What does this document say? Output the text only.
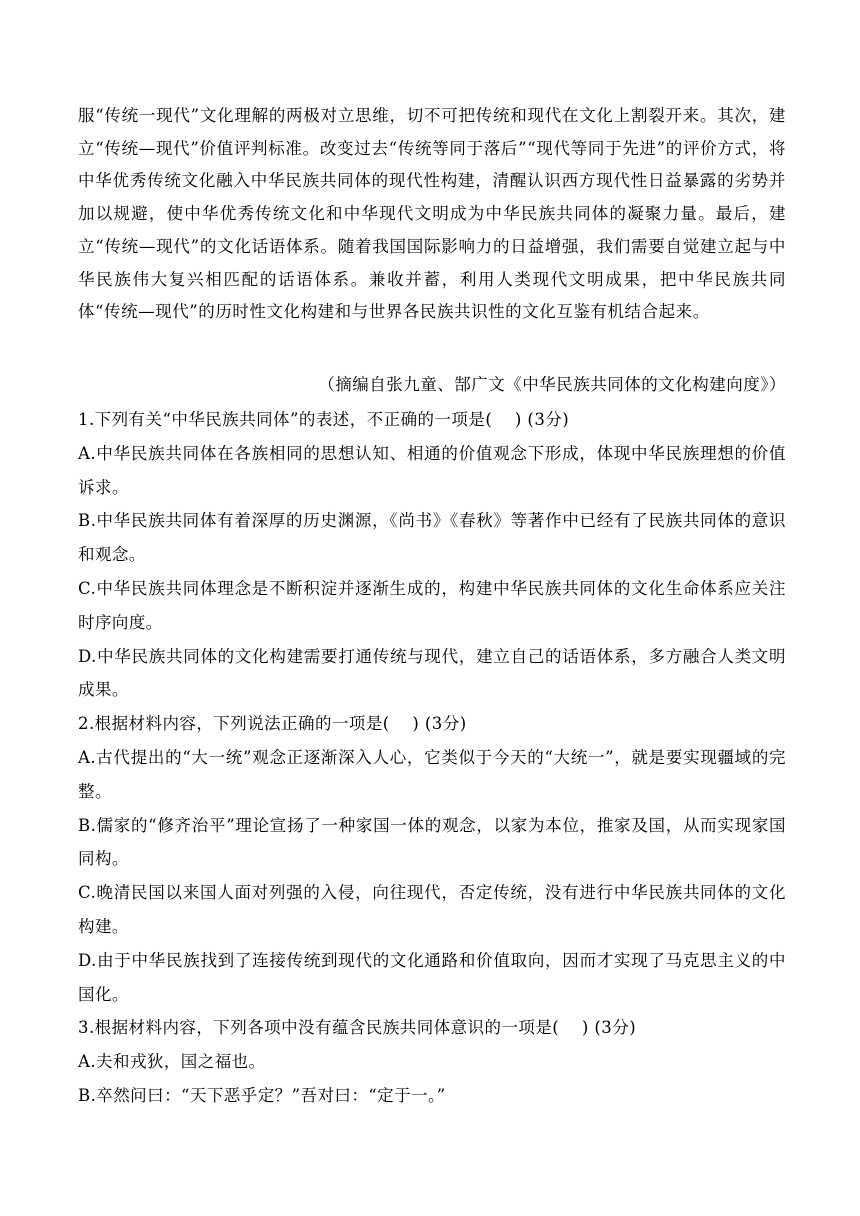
服“传统一现代”文化理解的两极对立思维，切不可把传统和现代在文化上割裂开来。其次，建立“传统—现代”价值评判标准。改变过去“传统等同于落后”“现代等同于先进”的评价方式，将中华优秀传统文化融入中华民族共同体的现代性构建，清醒认识西方现代性日益暴露的劣势并加以规避，使中华优秀传统文化和中华现代文明成为中华民族共同体的凝聚力量。最后，建立“传统—现代”的文化话语体系。随着我国国际影响力的日益增强，我们需要自觉建立起与中华民族伟大复兴相匹配的话语体系。兼收并蓄，利用人类现代文明成果，把中华民族共同体“传统—现代”的历时性文化构建和与世界各民族共识性的文化互鉴有机结合起来。

（摘编自张九童、郜广文《中华民族共同体的文化构建向度》）
1.下列有关“中华民族共同体”的表述，不正确的一项是(　 ) (3分)
A.中华民族共同体在各族相同的思想认知、相通的价值观念下形成，体现中华民族理想的价值诉求。
B.中华民族共同体有着深厚的历史渊源，《尚书》《春秋》等著作中已经有了民族共同体的意识和观念。
C.中华民族共同体理念是不断积淀并逐渐生成的，构建中华民族共同体的文化生命体系应关注时序向度。
D.中华民族共同体的文化构建需要打通传统与现代，建立自己的话语体系，多方融合人类文明成果。
2.根据材料内容，下列说法正确的一项是(　 ) (3分)
A.古代提出的“大一统”观念正逐渐深入人心，它类似于今天的“大统一”，就是要实现疆域的完整。
B.儒家的“修齐治平”理论宣扬了一种家国一体的观念，以家为本位，推家及国，从而实现家国同构。
C.晚清民国以来国人面对列强的入侵，向往现代，否定传统，没有进行中华民族共同体的文化构建。
D.由于中华民族找到了连接传统到现代的文化通路和价值取向，因而才实现了马克思主义的中国化。
3.根据材料内容，下列各项中没有蕴含民族共同体意识的一项是(　 ) (3分)
A.夫和戎狄，国之福也。
B.卒然问曰：“天下恶乎定？”吾对曰：“定于一。”
